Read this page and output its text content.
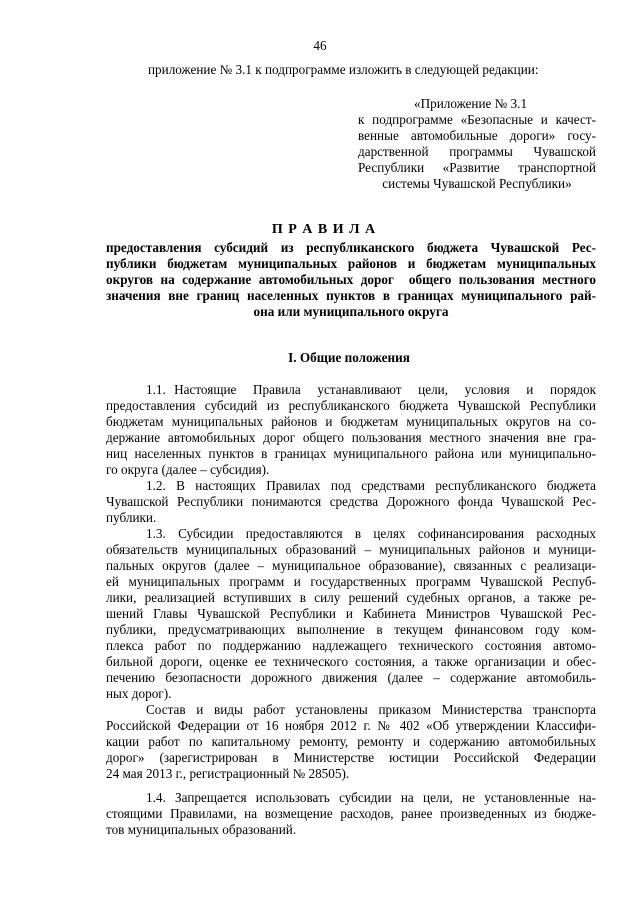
46
приложение № 3.1 к подпрограмме изложить в следующей редакции:
«Приложение № 3.1
к подпрограмме «Безопасные и качест-
венные автомобильные дороги» госу-
дарственной программы Чувашской
Республики «Развитие транспортной
системы Чувашской Республики»
П Р А В И Л А
предоставления субсидий из республиканского бюджета Чувашской Рес-
публики бюджетам муниципальных районов и бюджетам муниципальных
округов на содержание автомобильных дорог  общего пользования местного
значения вне границ населенных пунктов в границах муниципального рай-
она или муниципального округа
I. Общие положения
1.1. Настоящие  Правила  устанавливают  цели,  условия  и  порядок
предоставления субсидий из республиканского бюджета Чувашской Республики
бюджетам муниципальных районов и бюджетам муниципальных округов на со-
держание автомобильных дорог общего пользования местного значения вне гра-
ниц населенных пунктов в границах муниципального района или муниципально-
го округа (далее – субсидия).
1.2. В настоящих Правилах под средствами республиканского бюджета
Чувашской Республики понимаются средства Дорожного фонда Чувашской Рес-
публики.
1.3. Субсидии предоставляются в целях софинансирования расходных
обязательств муниципальных образований – муниципальных районов и муници-
пальных округов (далее – муниципальное образование), связанных с реализаци-
ей муниципальных программ и государственных программ Чувашской Респуб-
лики, реализацией вступивших в силу решений судебных органов, а также ре-
шений Главы Чувашской Республики и Кабинета Министров Чувашской Рес-
публики, предусматривающих выполнение в текущем финансовом году ком-
плекса работ по поддержанию надлежащего технического состояния автомо-
бильной дороги, оценке ее технического состояния, а также организации и обес-
печению безопасности дорожного движения (далее – содержание автомобиль-
ных дорог).
Состав и виды работ установлены приказом Министерства транспорта
Российской Федерации от 16 ноября 2012 г. № 402 «Об утверждении Классифи-
кации работ по капитальному ремонту, ремонту и содержанию автомобильных
дорог»  (зарегистрирован  в  Министерстве  юстиции  Российской  Федерации
24 мая 2013 г., регистрационный № 28505).
1.4. Запрещается использовать субсидии на цели, не установленные на-
стоящими Правилами, на возмещение расходов, ранее произведенных из бюдже-
тов муниципальных образований.
